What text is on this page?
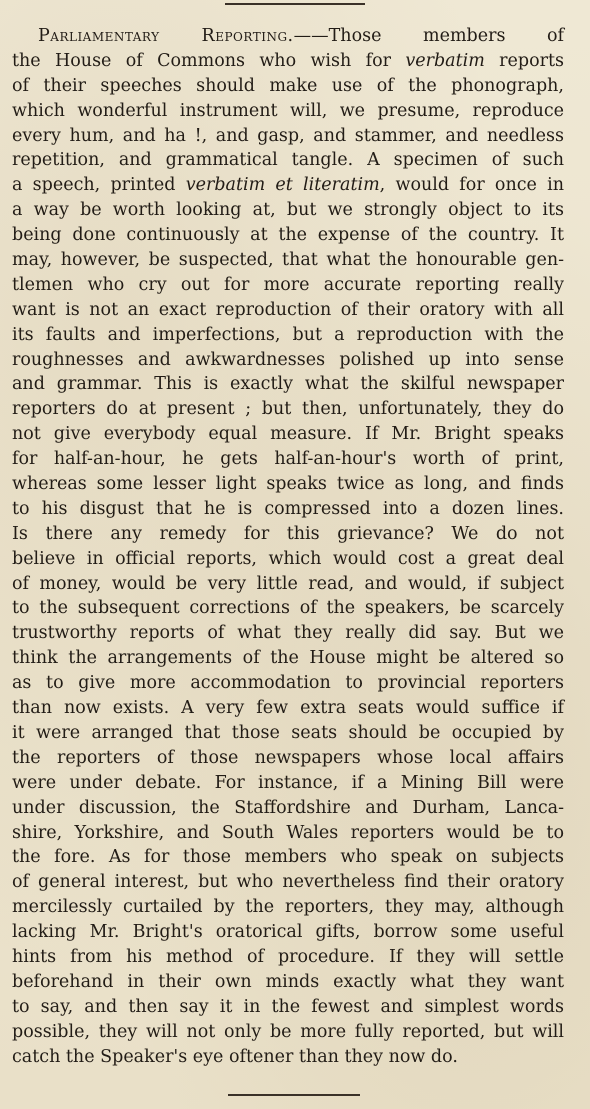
Parliamentary Reporting.——Those members of
the House of Commons who wish for verbatim reports
of their speeches should make use of the phonograph,
which wonderful instrument will, we presume, reproduce
every hum, and ha !, and gasp, and stammer, and needless
repetition, and grammatical tangle. A specimen of such
a speech, printed verbatim et literatim, would for once in
a way be worth looking at, but we strongly object to its
being done continuously at the expense of the country. It
may, however, be suspected, that what the honourable gen-
tlemen who cry out for more accurate reporting really
want is not an exact reproduction of their oratory with all
its faults and imperfections, but a reproduction with the
roughnesses and awkwardnesses polished up into sense
and grammar. This is exactly what the skilful newspaper
reporters do at present ; but then, unfortunately, they do
not give everybody equal measure. If Mr. Bright speaks
for half-an-hour, he gets half-an-hour's worth of print,
whereas some lesser light speaks twice as long, and finds
to his disgust that he is compressed into a dozen lines.
Is there any remedy for this grievance? We do not
believe in official reports, which would cost a great deal
of money, would be very little read, and would, if subject
to the subsequent corrections of the speakers, be scarcely
trustworthy reports of what they really did say. But we
think the arrangements of the House might be altered so
as to give more accommodation to provincial reporters
than now exists. A very few extra seats would suffice if
it were arranged that those seats should be occupied by
the reporters of those newspapers whose local affairs
were under debate. For instance, if a Mining Bill were
under discussion, the Staffordshire and Durham, Lanca-
shire, Yorkshire, and South Wales reporters would be to
the fore. As for those members who speak on subjects
of general interest, but who nevertheless find their oratory
mercilessly curtailed by the reporters, they may, although
lacking Mr. Bright's oratorical gifts, borrow some useful
hints from his method of procedure. If they will settle
beforehand in their own minds exactly what they want
to say, and then say it in the fewest and simplest words
possible, they will not only be more fully reported, but will
catch the Speaker's eye oftener than they now do.
